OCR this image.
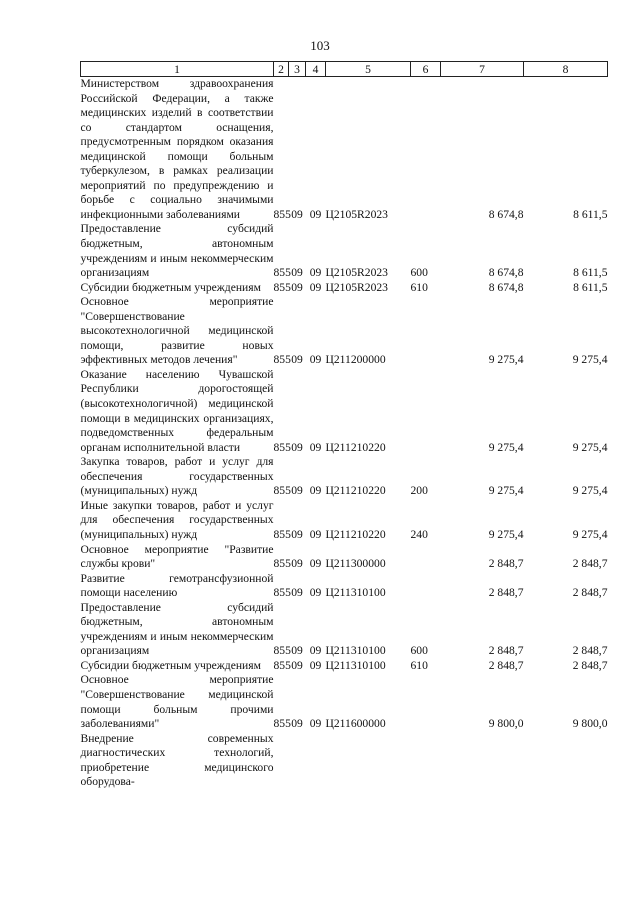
103
1	2	3	4	5	6	7	8
Министерством здравоохранения Российской Федерации, а также медицинских изделий в соответствии со стандартом оснащения, предусмотренным порядком оказания медицинской помощи больным туберкулезом, в рамках реализации мероприятий по предупреждению и борьбе с социально значимыми инфекционными заболеваниями	855	09	09	Ц2105R2023		8 674,8	8 611,5
Предоставление субсидий бюджетным, автономным учреждениям и иным некоммерческим организациям	855	09	09	Ц2105R2023	600	8 674,8	8 611,5
Субсидии бюджетным учреждениям	855	09	09	Ц2105R2023	610	8 674,8	8 611,5
Основное мероприятие "Совершенствование высокотехнологичной медицинской помощи, развитие новых эффективных методов лечения"	855	09	09	Ц211200000		9 275,4	9 275,4
Оказание населению Чувашской Республики дорогостоящей (высокотехнологичной) медицинской помощи в медицинских организациях, подведомственных федеральным органам исполнительной власти	855	09	09	Ц211210220		9 275,4	9 275,4
Закупка товаров, работ и услуг для обеспечения государственных (муниципальных) нужд	855	09	09	Ц211210220	200	9 275,4	9 275,4
Иные закупки товаров, работ и услуг для обеспечения государственных (муниципальных) нужд	855	09	09	Ц211210220	240	9 275,4	9 275,4
Основное мероприятие "Развитие службы крови"	855	09	09	Ц211300000		2 848,7	2 848,7
Развитие гемотрансфузионной помощи населению	855	09	09	Ц211310100		2 848,7	2 848,7
Предоставление субсидий бюджетным, автономным учреждениям и иным некоммерческим организациям	855	09	09	Ц211310100	600	2 848,7	2 848,7
Субсидии бюджетным учреждениям	855	09	09	Ц211310100	610	2 848,7	2 848,7
Основное мероприятие "Совершенствование медицинской помощи больным прочими заболеваниями"	855	09	09	Ц211600000		9 800,0	9 800,0
Внедрение современных диагностических технологий, приобретение медицинского оборудова-							
